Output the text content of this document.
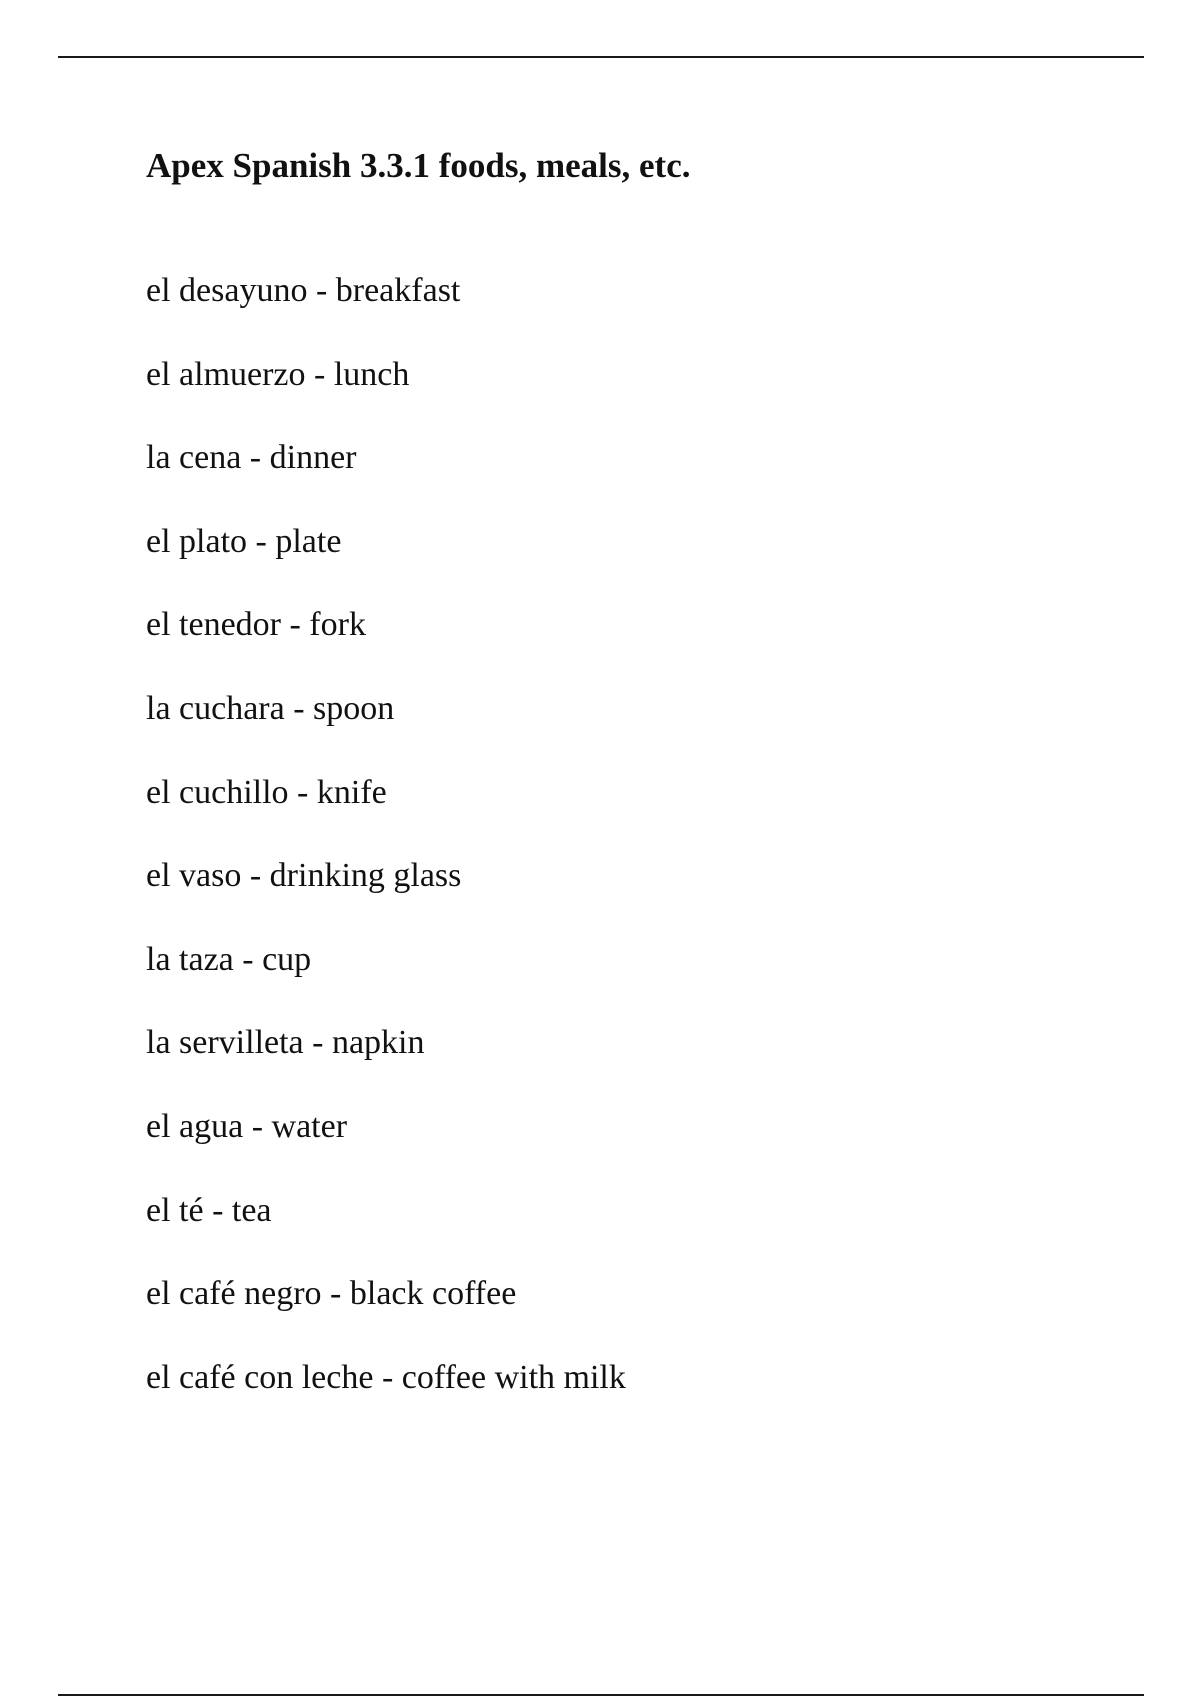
Apex Spanish 3.3.1 foods, meals, etc.
el desayuno - breakfast
el almuerzo - lunch
la cena - dinner
el plato - plate
el tenedor - fork
la cuchara - spoon
el cuchillo - knife
el vaso - drinking glass
la taza - cup
la servilleta - napkin
el agua - water
el té - tea
el café negro - black coffee
el café con leche - coffee with milk
